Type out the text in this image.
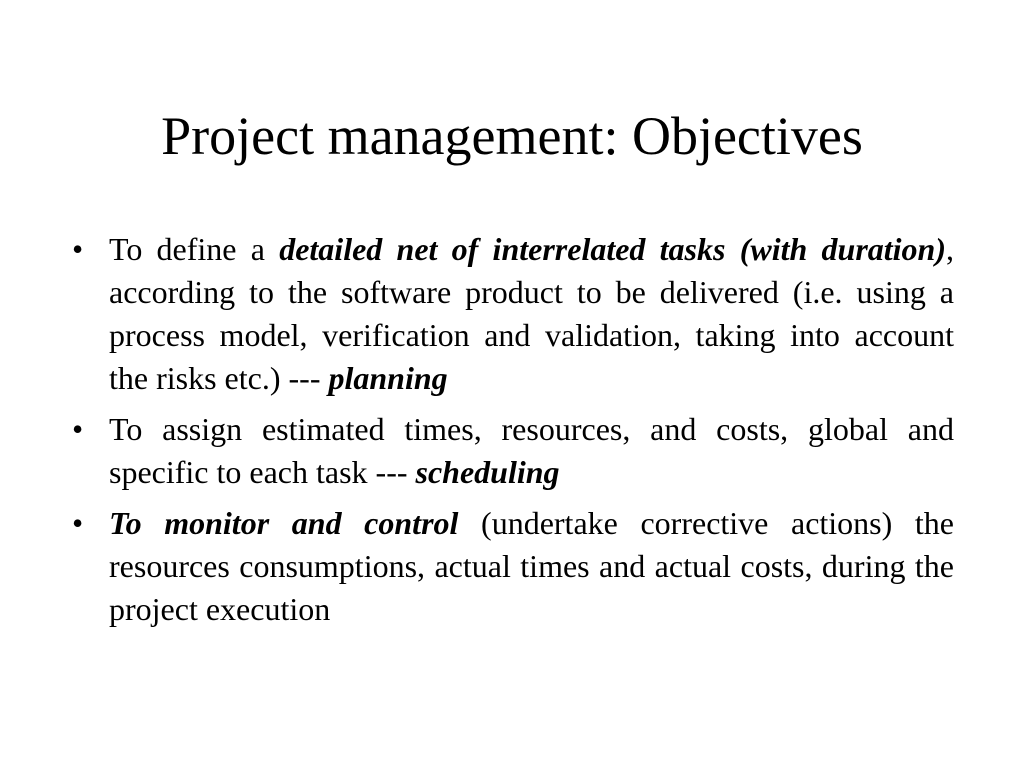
Project management: Objectives
• To define a detailed net of interrelated tasks (with duration), according to the software product to be delivered (i.e. using a process model, verification and validation, taking into account the risks etc.) --- planning
• To assign estimated times, resources, and costs, global and specific to each task --- scheduling
• To monitor and control (undertake corrective actions) the resources consumptions, actual times and actual costs, during the project execution
